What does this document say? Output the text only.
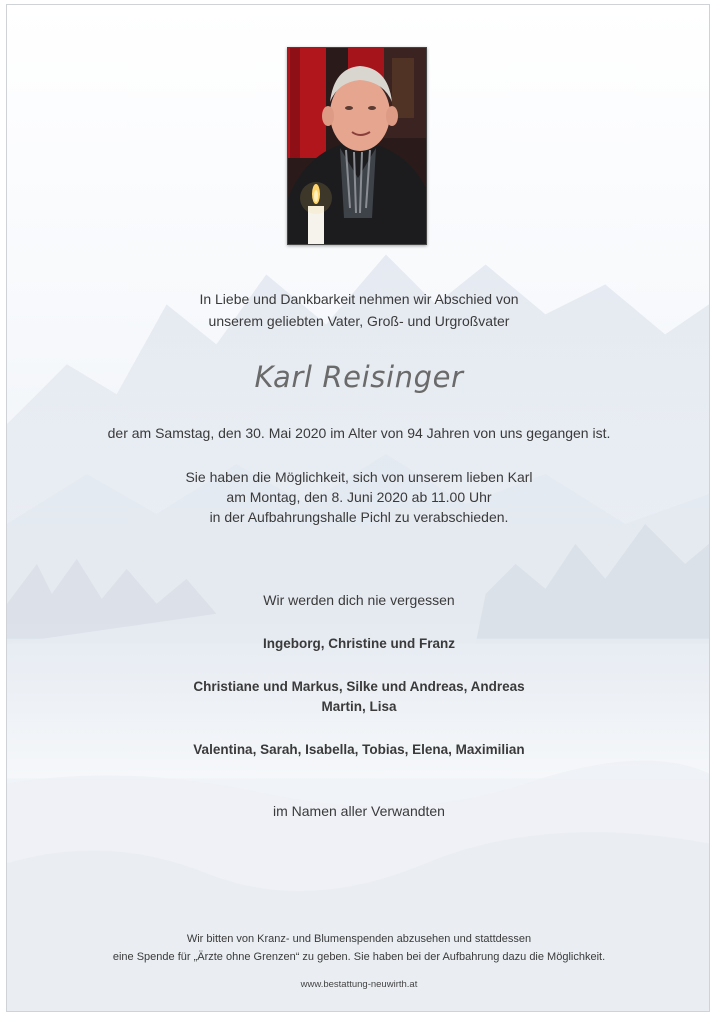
In Liebe und Dankbarkeit nehmen wir Abschied von
unserem geliebten Vater, Groß- und Urgroßvater
Karl Reisinger
der am Samstag, den 30. Mai 2020 im Alter von 94 Jahren von uns gegangen ist.
Sie haben die Möglichkeit, sich von unserem lieben Karl
am Montag, den 8. Juni 2020 ab 11.00 Uhr
in der Aufbahrungshalle Pichl zu verabschieden.
Wir werden dich nie vergessen
Ingeborg, Christine und Franz
Christiane und Markus, Silke und Andreas, Andreas
Martin, Lisa
Valentina, Sarah, Isabella, Tobias, Elena, Maximilian
im Namen aller Verwandten
Wir bitten von Kranz- und Blumenspenden abzusehen und stattdessen
eine Spende für „Ärzte ohne Grenzen“ zu geben. Sie haben bei der Aufbahrung dazu die Möglichkeit.
www.bestattung-neuwirth.at
